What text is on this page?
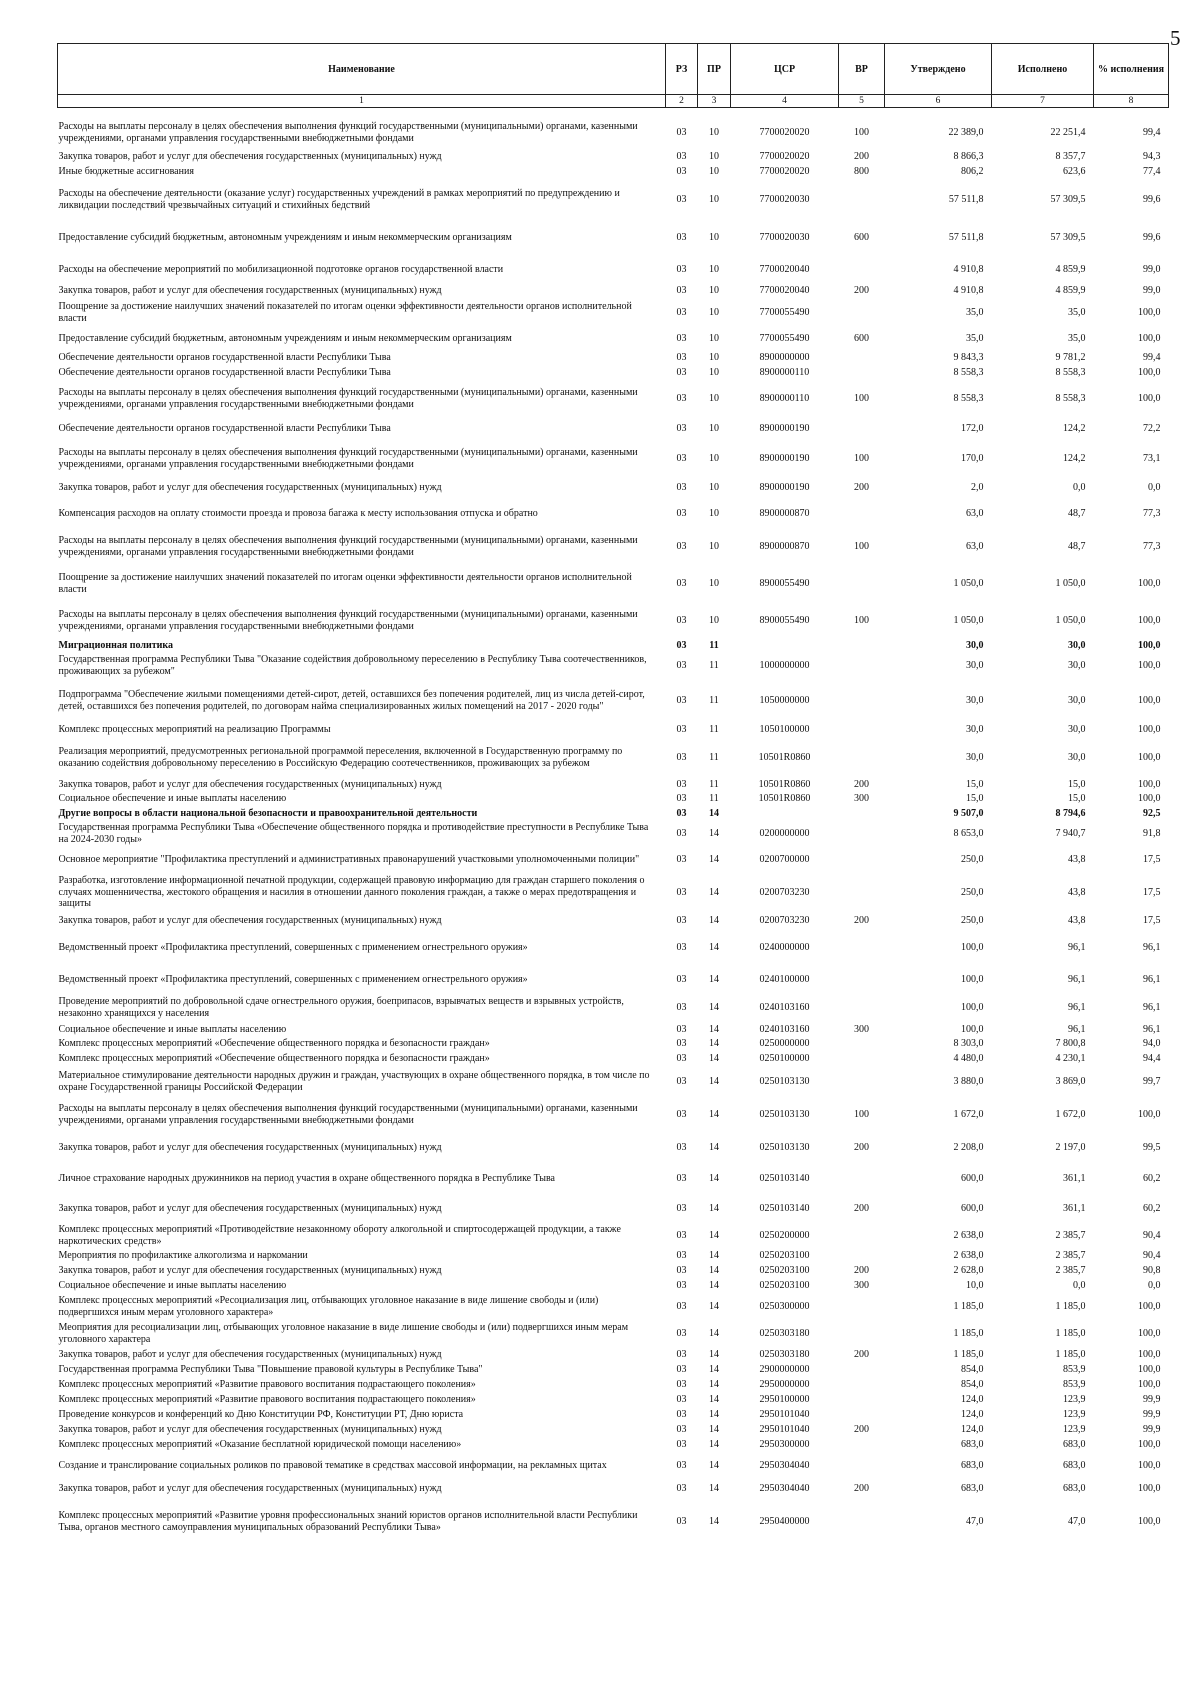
5
Наименование	РЗ	ПР	ЦСР	ВР	Утверждено	Исполнено	% исполнения
1	2	3	4	5	6	7	8
Расходы на выплаты персоналу в целях обеспечения выполнения функций государственными (муниципальными) органами, казенными учреждениями, органами управления государственными внебюджетными фондами	03	10	7700020020	100	22 389,0	22 251,4	99,4
Закупка товаров, работ и услуг для обеспечения государственных (муниципальных) нужд	03	10	7700020020	200	8 866,3	8 357,7	94,3
Иные бюджетные ассигнования	03	10	7700020020	800	806,2	623,6	77,4
Расходы на обеспечение деятельности (оказание услуг) государственных учреждений в рамках мероприятий по предупреждению и ликвидации последствий чрезвычайных ситуаций и стихийных бедствий	03	10	7700020030		57 511,8	57 309,5	99,6
Предоставление субсидий бюджетным, автономным учреждениям и иным некоммерческим организациям	03	10	7700020030	600	57 511,8	57 309,5	99,6
Расходы на обеспечение мероприятий по мобилизационной подготовке органов государственной власти	03	10	7700020040		4 910,8	4 859,9	99,0
Закупка товаров, работ и услуг для обеспечения государственных (муниципальных) нужд	03	10	7700020040	200	4 910,8	4 859,9	99,0
Поощрение за достижение наилучших значений показателей по итогам оценки эффективности деятельности органов исполнительной власти	03	10	7700055490		35,0	35,0	100,0
Предоставление субсидий бюджетным, автономным учреждениям и иным некоммерческим организациям	03	10	7700055490	600	35,0	35,0	100,0
Обеспечение деятельности органов государственной власти Республики Тыва	03	10	8900000000		9 843,3	9 781,2	99,4
Обеспечение деятельности органов государственной власти Республики Тыва	03	10	8900000110		8 558,3	8 558,3	100,0
Расходы на выплаты персоналу в целях обеспечения выполнения функций государственными (муниципальными) органами, казенными учреждениями, органами управления государственными внебюджетными фондами	03	10	8900000110	100	8 558,3	8 558,3	100,0
Обеспечение деятельности органов государственной власти Республики Тыва	03	10	8900000190		172,0	124,2	72,2
Расходы на выплаты персоналу в целях обеспечения выполнения функций государственными (муниципальными) органами, казенными учреждениями, органами управления государственными внебюджетными фондами	03	10	8900000190	100	170,0	124,2	73,1
Закупка товаров, работ и услуг для обеспечения государственных (муниципальных) нужд	03	10	8900000190	200	2,0	0,0	0,0
Компенсация расходов на оплату стоимости проезда и провоза багажа к месту использования отпуска и обратно	03	10	8900000870		63,0	48,7	77,3
Расходы на выплаты персоналу в целях обеспечения выполнения функций государственными (муниципальными) органами, казенными учреждениями, органами управления государственными внебюджетными фондами	03	10	8900000870	100	63,0	48,7	77,3
Поощрение за достижение наилучших значений показателей по итогам оценки эффективности деятельности органов исполнительной власти	03	10	8900055490		1 050,0	1 050,0	100,0
Расходы на выплаты персоналу в целях обеспечения выполнения функций государственными (муниципальными) органами, казенными учреждениями, органами управления государственными внебюджетными фондами	03	10	8900055490	100	1 050,0	1 050,0	100,0
Миграционная политика	03	11			30,0	30,0	100,0
Государственная программа Республики Тыва "Оказание содействия добровольному переселению в Республику Тыва соотечественников, проживающих за рубежом"	03	11	1000000000		30,0	30,0	100,0
Подпрограмма "Обеспечение жилыми помещениями детей-сирот, детей, оставшихся без попечения родителей, лиц из числа детей-сирот, детей, оставшихся без попечения родителей, по договорам найма специализированных жилых помещений на 2017 - 2020 годы"	03	11	1050000000		30,0	30,0	100,0
Комплекс процессных мероприятий на реализацию Программы	03	11	1050100000		30,0	30,0	100,0
Реализация мероприятий, предусмотренных региональной программой переселения, включенной в Государственную программу по оказанию содействия добровольному переселению в Российскую Федерацию соотечественников, проживающих за рубежом	03	11	10501R0860		30,0	30,0	100,0
Закупка товаров, работ и услуг для обеспечения государственных (муниципальных) нужд	03	11	10501R0860	200	15,0	15,0	100,0
Социальное обеспечение и иные выплаты населению	03	11	10501R0860	300	15,0	15,0	100,0
Другие вопросы в области национальной безопасности и правоохранительной деятельности	03	14			9 507,0	8 794,6	92,5
Государственная программа Республики Тыва «Обеспечение общественного порядка и противодействие преступности в Республике Тыва на 2024-2030 годы»	03	14	0200000000		8 653,0	7 940,7	91,8
Основное мероприятие "Профилактика преступлений и административных правонарушений участковыми уполномоченными полиции"	03	14	0200700000		250,0	43,8	17,5
Разработка, изготовление информационной печатной продукции, содержащей правовую информацию для граждан старшего поколения о случаях мошенничества, жестокого обращения и насилия в отношении данного поколения граждан, а также о мерах предотвращения и защиты	03	14	0200703230		250,0	43,8	17,5
Закупка товаров, работ и услуг для обеспечения государственных (муниципальных) нужд	03	14	0200703230	200	250,0	43,8	17,5
Ведомственный проект «Профилактика преступлений, совершенных с применением огнестрельного оружия»	03	14	0240000000		100,0	96,1	96,1
Ведомственный проект «Профилактика преступлений, совершенных с применением огнестрельного оружия»	03	14	0240100000		100,0	96,1	96,1
Проведение мероприятий по добровольной сдаче огнестрельного оружия, боеприпасов, взрывчатых веществ и взрывных устройств, незаконно хранящихся у населения	03	14	0240103160		100,0	96,1	96,1
Социальное обеспечение и иные выплаты населению	03	14	0240103160	300	100,0	96,1	96,1
Комплекс процессных мероприятий «Обеспечение общественного порядка и безопасности граждан»	03	14	0250000000		8 303,0	7 800,8	94,0
Комплекс процессных мероприятий «Обеспечение общественного порядка и безопасности граждан»	03	14	0250100000		4 480,0	4 230,1	94,4
Материальное стимулирование деятельности народных дружин и граждан, участвующих в охране общественного порядка, в том числе по охране Государственной границы Российской Федерации	03	14	0250103130		3 880,0	3 869,0	99,7
Расходы на выплаты персоналу в целях обеспечения выполнения функций государственными (муниципальными) органами, казенными учреждениями, органами управления государственными внебюджетными фондами	03	14	0250103130	100	1 672,0	1 672,0	100,0
Закупка товаров, работ и услуг для обеспечения государственных (муниципальных) нужд	03	14	0250103130	200	2 208,0	2 197,0	99,5
Личное страхование народных дружинников на период участия в охране общественного порядка в Республике Тыва	03	14	0250103140		600,0	361,1	60,2
Закупка товаров, работ и услуг для обеспечения государственных (муниципальных) нужд	03	14	0250103140	200	600,0	361,1	60,2
Комплекс процессных мероприятий «Противодействие незаконному обороту алкогольной и спиртосодержащей продукции, а также наркотических средств»	03	14	0250200000		2 638,0	2 385,7	90,4
Мероприятия по профилактике алкоголизма и наркомании	03	14	0250203100		2 638,0	2 385,7	90,4
Закупка товаров, работ и услуг для обеспечения государственных (муниципальных) нужд	03	14	0250203100	200	2 628,0	2 385,7	90,8
Социальное обеспечение и иные выплаты населению	03	14	0250203100	300	10,0	0,0	0,0
Комплекс процессных мероприятий «Ресоциализация лиц, отбывающих уголовное наказание в виде лишение свободы и (или) подвергшихся иным мерам уголовного характера»	03	14	0250300000		1 185,0	1 185,0	100,0
Меоприятия для ресоциализации лиц, отбывающих уголовное наказание в виде лишение свободы и (или) подвергшихся иным мерам уголовного характера	03	14	0250303180		1 185,0	1 185,0	100,0
Закупка товаров, работ и услуг для обеспечения государственных (муниципальных) нужд	03	14	0250303180	200	1 185,0	1 185,0	100,0
Государственная программа Республики Тыва "Повышение правовой культуры в Республике Тыва"	03	14	2900000000		854,0	853,9	100,0
Комплекс процессных мероприятий «Развитие правового воспитания подрастающего поколения»	03	14	2950000000		854,0	853,9	100,0
Комплекс процессных мероприятий «Развитие правового воспитания подрастающего поколения»	03	14	2950100000		124,0	123,9	99,9
Проведение конкурсов и конференций ко Дню Конституции РФ, Конституции РТ, Дню юриста	03	14	2950101040		124,0	123,9	99,9
Закупка товаров, работ и услуг для обеспечения государственных (муниципальных) нужд	03	14	2950101040	200	124,0	123,9	99,9
Комплекс процессных мероприятий «Оказание бесплатной юридической помощи населению»	03	14	2950300000		683,0	683,0	100,0
Создание и транслирование социальных роликов по правовой тематике в средствах массовой информации, на рекламных щитах	03	14	2950304040		683,0	683,0	100,0
Закупка товаров, работ и услуг для обеспечения государственных (муниципальных) нужд	03	14	2950304040	200	683,0	683,0	100,0
Комплекс процессных мероприятий «Развитие уровня профессиональных знаний юристов органов исполнительной власти Республики Тыва, органов местного самоуправления муниципальных образований Республики Тыва»	03	14	2950400000		47,0	47,0	100,0
